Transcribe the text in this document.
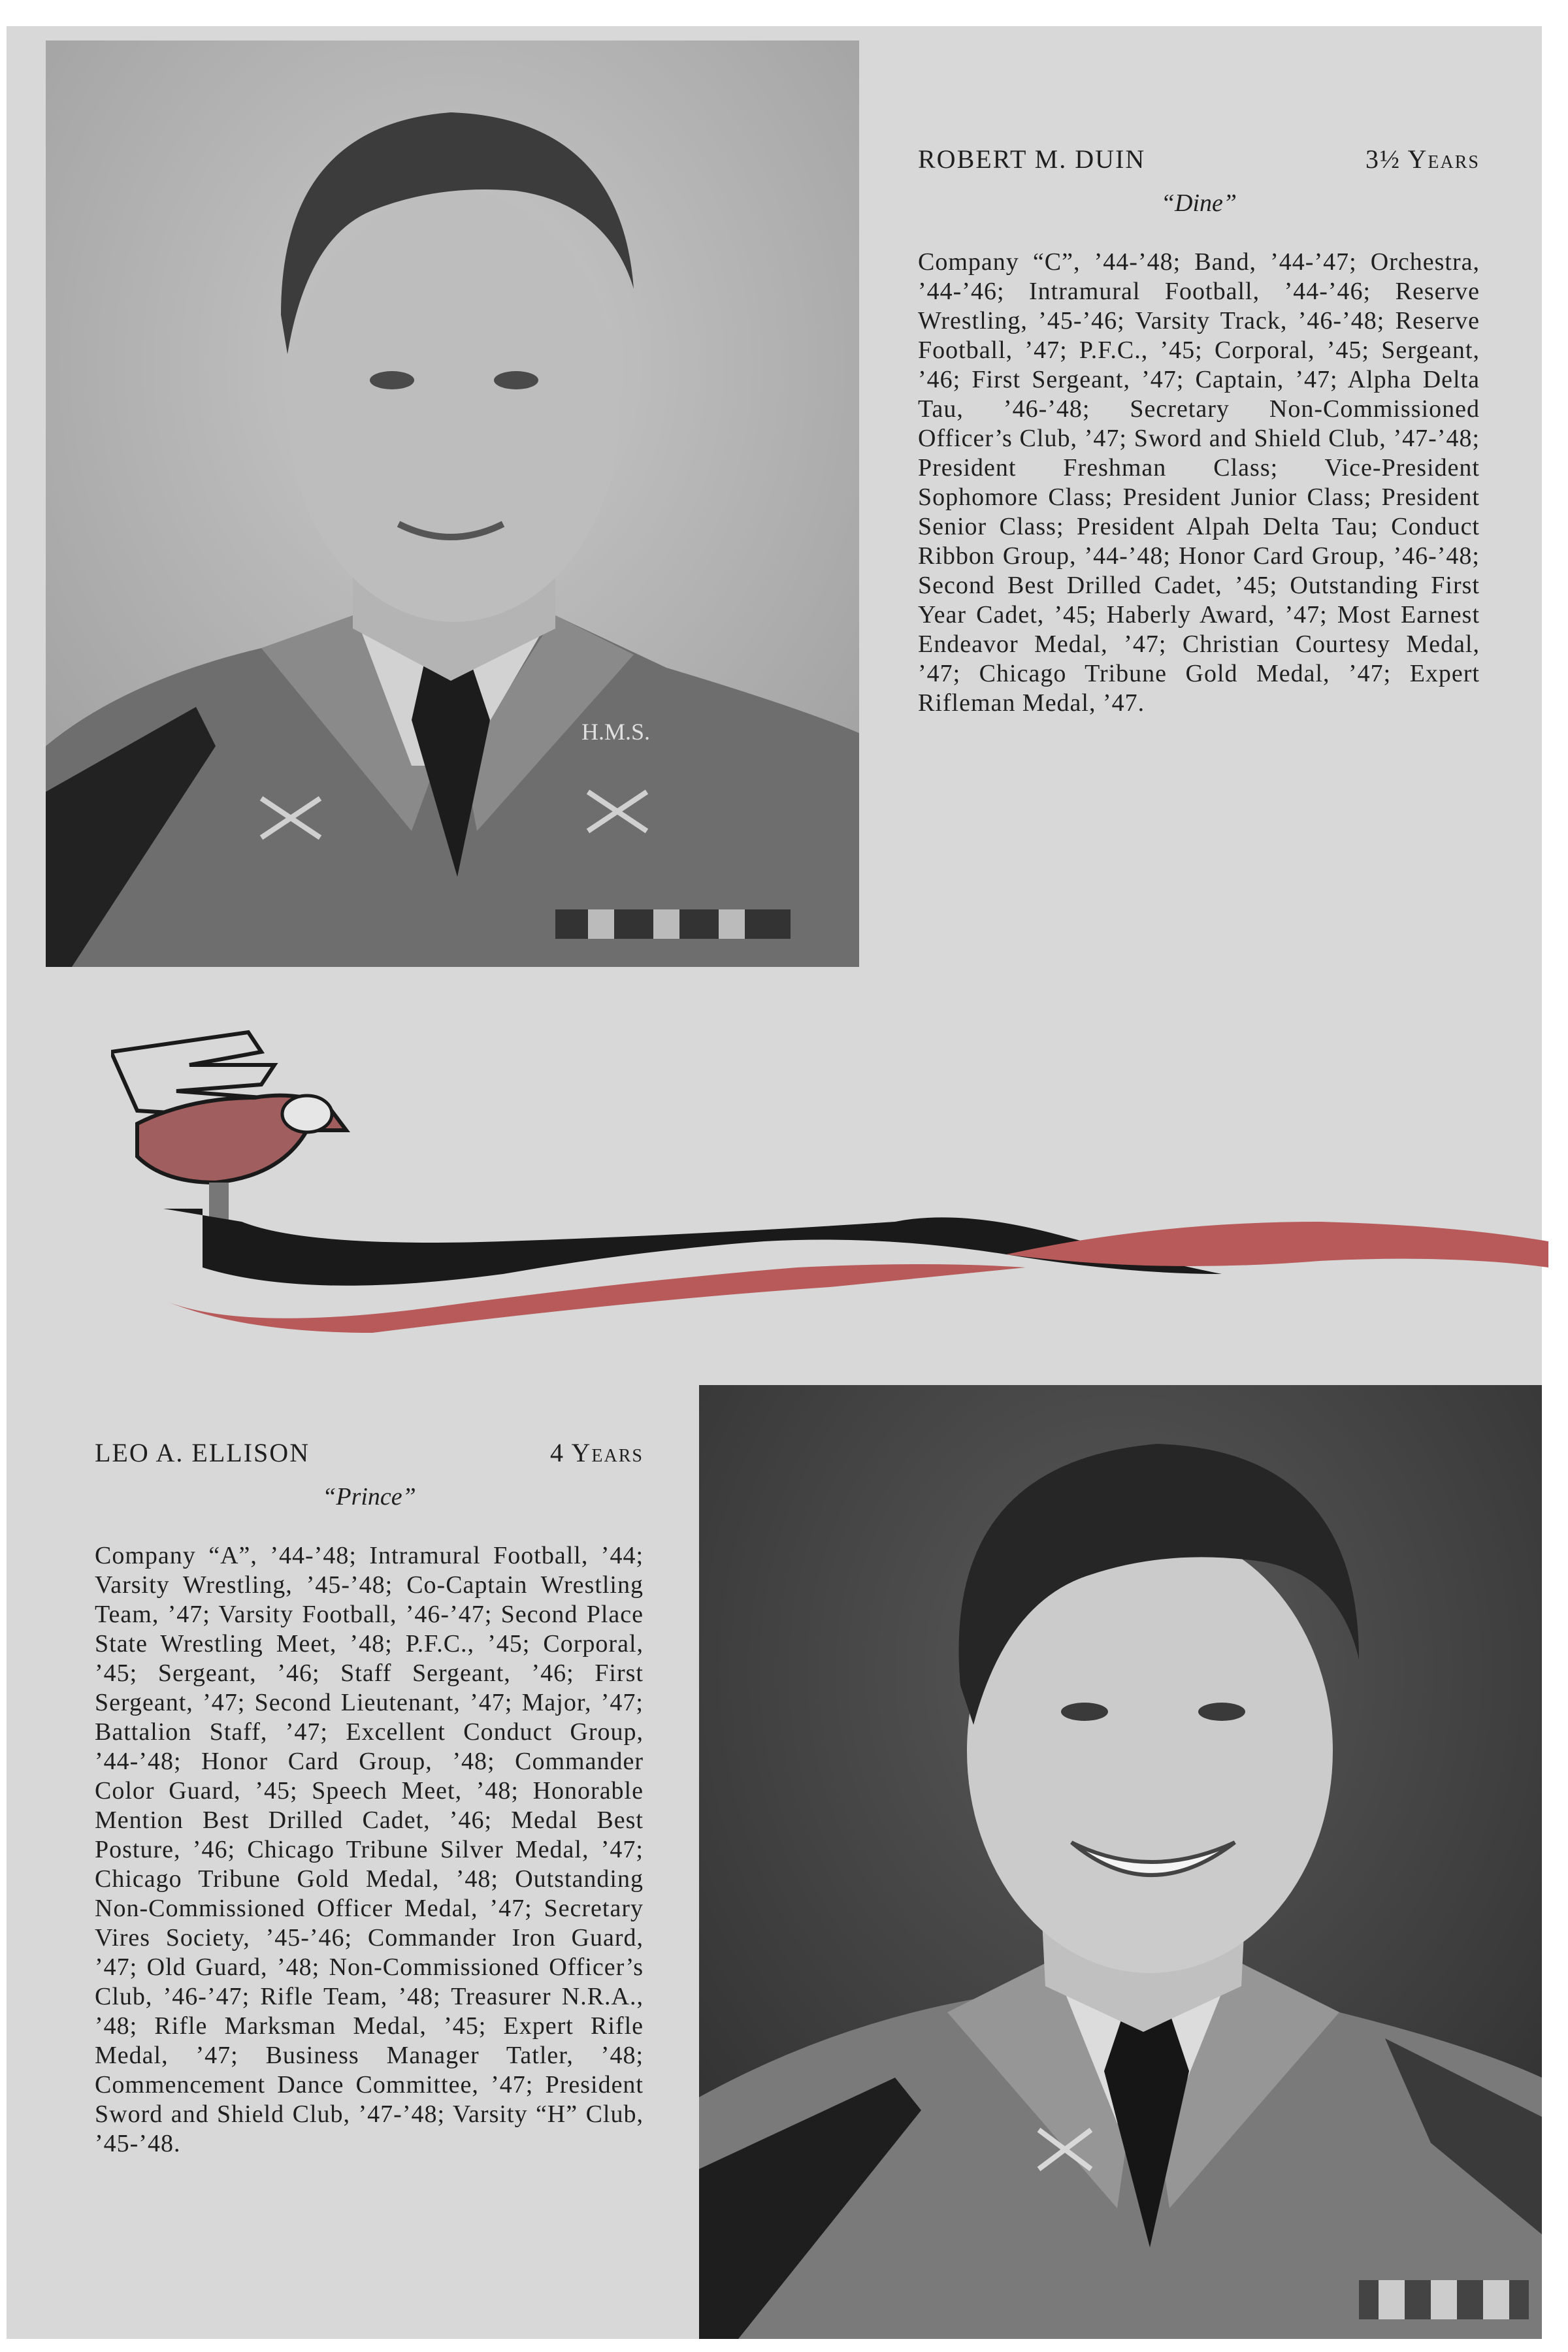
H.M.S.
ROBERT M. DUIN	3½ Years
“Dine”
Company “C”, ’44-’48; Band, ’44-’47; Orchestra, ’44-’46; Intramural Football, ’44-’46; Reserve Wrestling, ’45-’46; Varsity Track, ’46-’48; Reserve Football, ’47; P.F.C., ’45; Corporal, ’45; Sergeant, ’46; First Sergeant, ’47; Captain, ’47; Alpha Delta Tau, ’46-’48; Secretary Non-Commissioned Officer’s Club, ’47; Sword and Shield Club, ’47-’48; President Freshman Class; Vice-President Sophomore Class; President Junior Class; President Senior Class; President Alpah Delta Tau; Conduct Ribbon Group, ’44-’48; Honor Card Group, ’46-’48; Second Best Drilled Cadet, ’45; Outstanding First Year Cadet, ’45; Haberly Award, ’47; Most Earnest Endeavor Medal, ’47; Christian Courtesy Medal, ’47; Chicago Tribune Gold Medal, ’47; Expert Rifleman Medal, ’47.
LEO A. ELLISON	4 Years
“Prince”
Company “A”, ’44-’48; Intramural Football, ’44; Varsity Wrestling, ’45-’48; Co-Captain Wrestling Team, ’47; Varsity Football, ’46-’47; Second Place State Wrestling Meet, ’48; P.F.C., ’45; Corporal, ’45; Sergeant, ’46; Staff Sergeant, ’46; First Sergeant, ’47; Second Lieutenant, ’47; Major, ’47; Battalion Staff, ’47; Excellent Conduct Group, ’44-’48; Honor Card Group, ’48; Commander Color Guard, ’45; Speech Meet, ’48; Honorable Mention Best Drilled Cadet, ’46; Medal Best Posture, ’46; Chicago Tribune Silver Medal, ’47; Chicago Tribune Gold Medal, ’48; Outstanding Non-Commissioned Officer Medal, ’47; Secretary Vires Society, ’45-’46; Commander Iron Guard, ’47; Old Guard, ’48; Non-Commissioned Officer’s Club, ’46-’47; Rifle Team, ’48; Treasurer N.R.A., ’48; Rifle Marksman Medal, ’45; Expert Rifle Medal, ’47; Business Manager Tatler, ’48; Commencement Dance Committee, ’47; President Sword and Shield Club, ’47-’48; Varsity “H” Club, ’45-’48.
